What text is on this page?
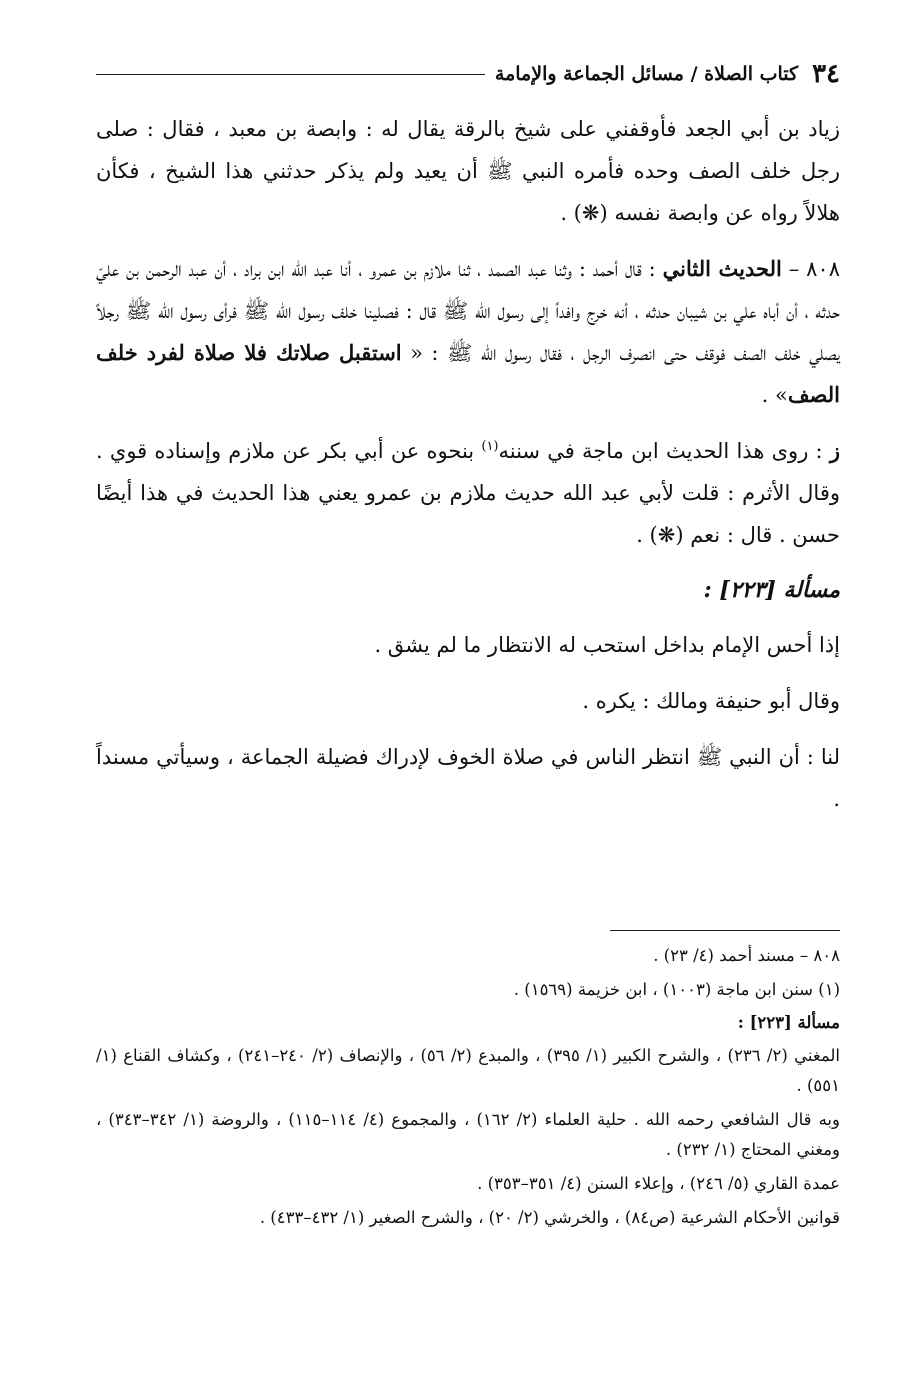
٣٤
كتاب الصلاة / مسائل الجماعة والإمامة

زياد بن أبي الجعد فأوقفني على شيخ بالرقة يقال له : وابصة بن معبد ، فقال : صلى رجل خلف الصف وحده فأمره النبي ﷺ أن يعيد ولم يذكر حدثني هذا الشيخ ، فكأن هلالاً رواه عن وابصة نفسه (❋) .

٨٠٨ – الحديث الثاني : قال أحمد : وثنا عبد الصمد ، ثنا ملازم بن عمرو ، أنا عبد الله ابن براد ، أن عبد الرحمن بن عليّ حدثه ، أن أباه علي بن شيبان حدثه ، أنه خرج وافداً إلى رسول الله ﷺ قال : فصلينا خلف رسول الله ﷺ فرأى رسول الله ﷺ رجلاً يصلي خلف الصف فوقف حتى انصرف الرجل ، فقال رسول الله ﷺ : « استقبل صلاتك فلا صلاة لفرد خلف الصف» .

ز : روى هذا الحديث ابن ماجة في سننه$^{(١)}$ بنحوه عن أبي بكر عن ملازم وإسناده قوي . وقال الأثرم : قلت لأبي عبد الله حديث ملازم بن عمرو يعني هذا الحديث في هذا أيضًا حسن . قال : نعم (❋) .

مسألة [٢٢٣] :

إذا أحس الإمام بداخل استحب له الانتظار ما لم يشق .

وقال أبو حنيفة ومالك : يكره .

لنا : أن النبي ﷺ انتظر الناس في صلاة الخوف لإدراك فضيلة الجماعة ، وسيأتي مسنداً .

٨٠٨ – مسند أحمد (٤/ ٢٣) .

(١) سنن ابن ماجة (١٠٠٣) ، ابن خزيمة (١٥٦٩) .

مسألة [٢٢٣] :

المغني (٢/ ٢٣٦) ، والشرح الكبير (١/ ٣٩٥) ، والمبدع (٢/ ٥٦) ، والإنصاف (٢/ ٢٤٠–٢٤١) ، وكشاف القناع (١/ ٥٥١) .

وبه قال الشافعي رحمه الله . حلية العلماء (٢/ ١٦٢) ، والمجموع (٤/ ١١٤–١١٥) ، والروضة (١/ ٣٤٢–٣٤٣) ، ومغني المحتاج (١/ ٢٣٢) .

عمدة القاري (٥/ ٢٤٦) ، وإعلاء السنن (٤/ ٣٥١–٣٥٣) .

قوانين الأحكام الشرعية (ص٨٤) ، والخرشي (٢/ ٢٠) ، والشرح الصغير (١/ ٤٣٢–٤٣٣) .
